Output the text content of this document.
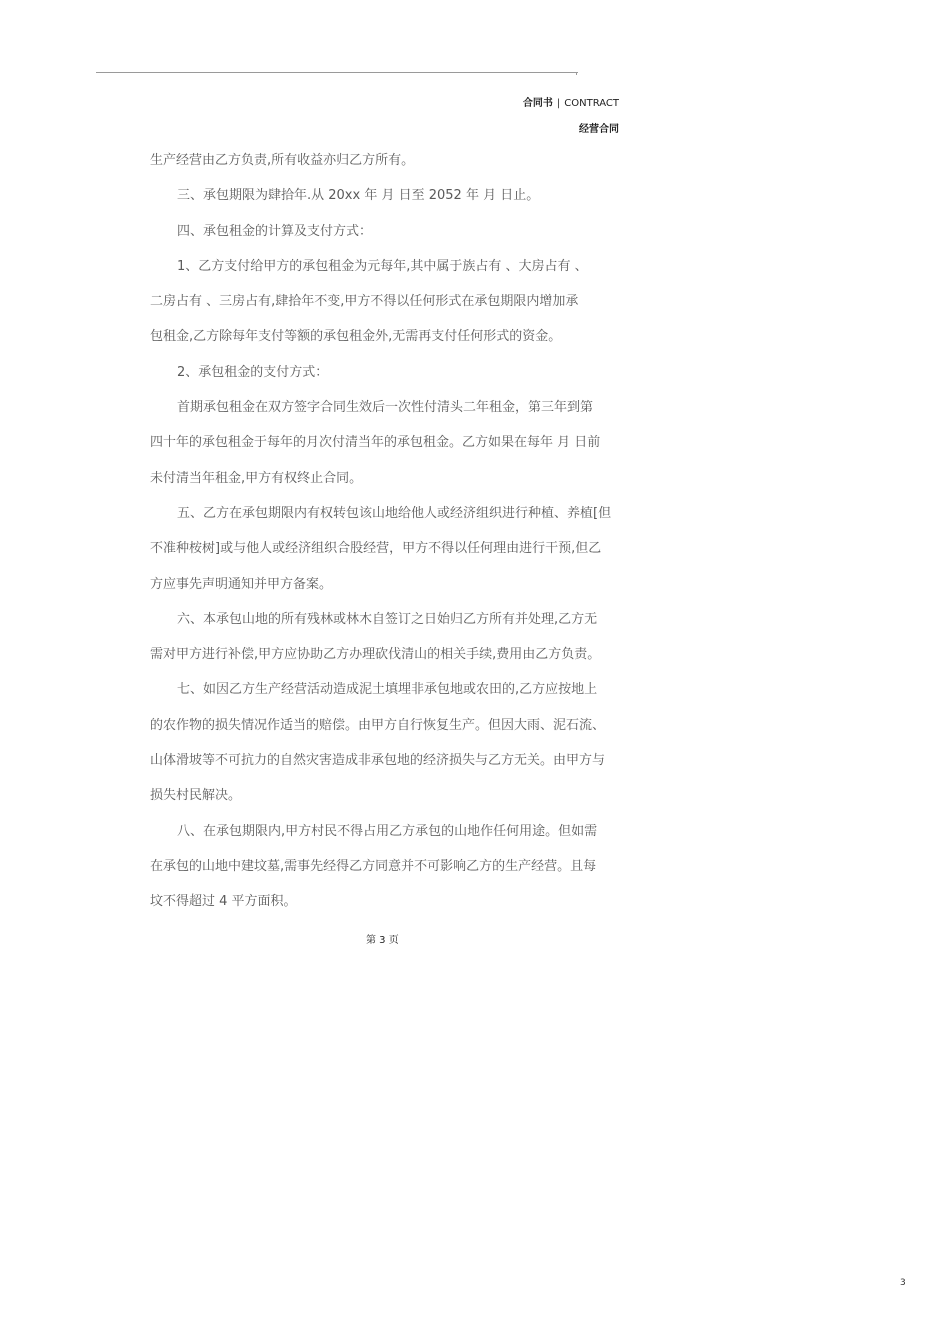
合同书 | CONTRACT
经营合同
生产经营由乙方负责,所有收益亦归乙方所有。
三、承包期限为肆拾年.从 20xx 年 月 日至 2052 年 月 日止。
四、承包租金的计算及支付方式：
1、乙方支付给甲方的承包租金为元每年,其中属于族占有 、大房占有 、
二房占有 、三房占有,肆拾年不变,甲方不得以任何形式在承包期限内增加承
包租金,乙方除每年支付等额的承包租金外,无需再支付任何形式的资金。
2、承包租金的支付方式：
首期承包租金在双方签字合同生效后一次性付清头二年租金，第三年到第
四十年的承包租金于每年的月次付清当年的承包租金。乙方如果在每年 月 日前
未付清当年租金,甲方有权终止合同。
五、乙方在承包期限内有权转包该山地给他人或经济组织进行种植、养植[但
不准种桉树]或与他人或经济组织合股经营，甲方不得以任何理由进行干预,但乙
方应事先声明通知并甲方备案。
六、本承包山地的所有残林或林木自签订之日始归乙方所有并处理,乙方无
需对甲方进行补偿,甲方应协助乙方办理砍伐清山的相关手续,费用由乙方负责。
七、如因乙方生产经营活动造成泥土填埋非承包地或农田的,乙方应按地上
的农作物的损失情况作适当的赔偿。由甲方自行恢复生产。但因大雨、泥石流、
山体滑坡等不可抗力的自然灾害造成非承包地的经济损失与乙方无关。由甲方与
损失村民解决。
八、在承包期限内,甲方村民不得占用乙方承包的山地作任何用途。但如需
在承包的山地中建坟墓,需事先经得乙方同意并不可影响乙方的生产经营。且每
坟不得超过 4 平方面积。
第 3 页
3
